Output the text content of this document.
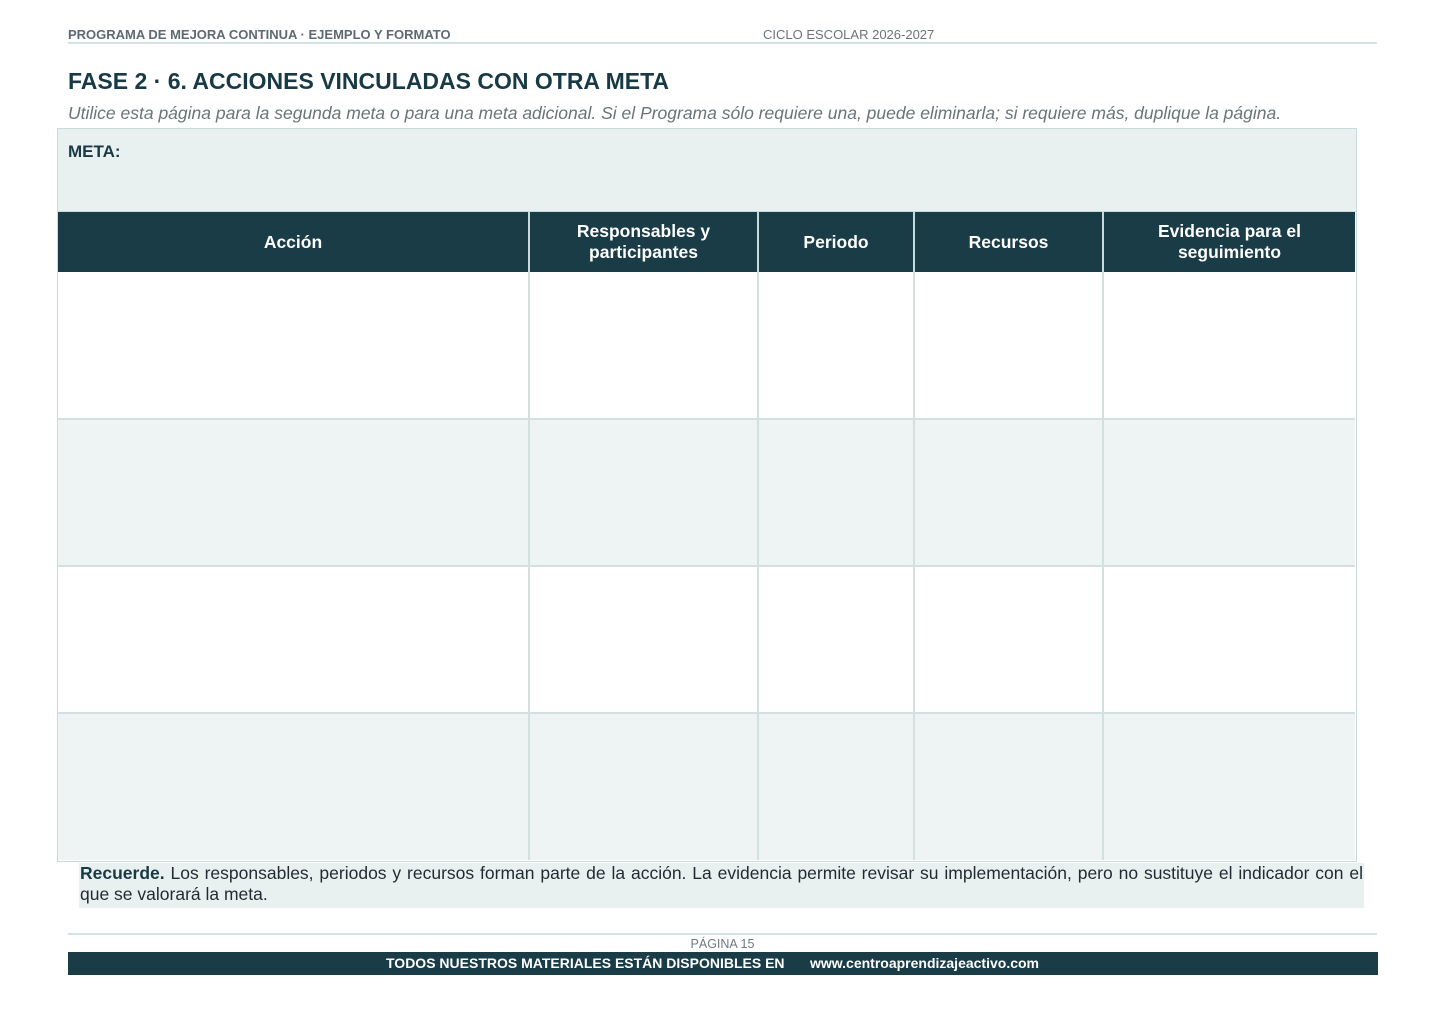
PROGRAMA DE MEJORA CONTINUA · EJEMPLO Y FORMATO	CICLO ESCOLAR 2026-2027
FASE 2 · 6. ACCIONES VINCULADAS CON OTRA META
Utilice esta página para la segunda meta o para una meta adicional. Si el Programa sólo requiere una, puede eliminarla; si requiere más, duplique la página.
META:
Acción	Responsables y participantes	Periodo	Recursos	Evidencia para el seguimiento

Recuerde. Los responsables, periodos y recursos forman parte de la acción. La evidencia permite revisar su implementación, pero no sustituye el indicador con el que se valorará la meta.
PÁGINA 15
TODOS NUESTROS MATERIALES ESTÁN DISPONIBLES EN www.centroaprendizajeactivo.com
